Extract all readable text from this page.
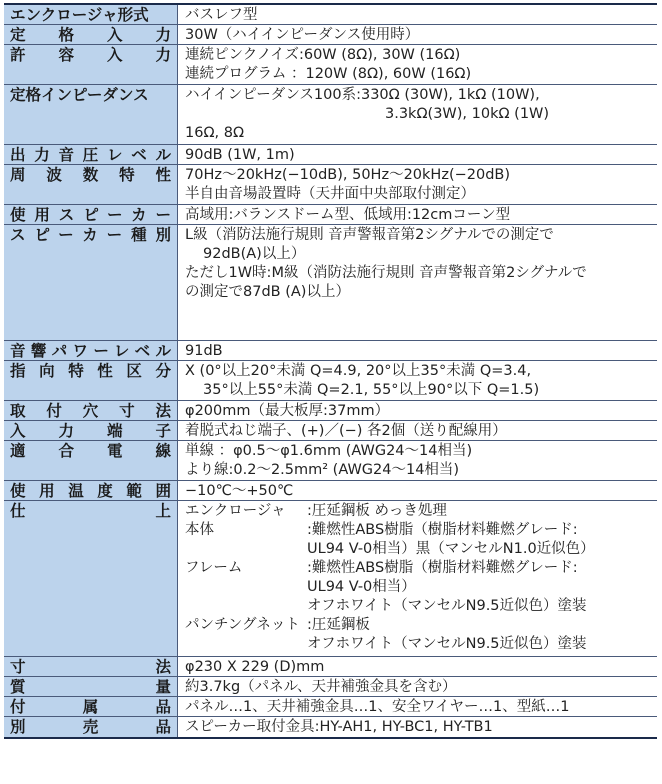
エンクロージャ形式	バスレフ型
定格入力 30W（ハイインピーダンス使用時）
許容入力 連続ピンクノイズ:60W (8Ω), 30W (16Ω)
連続プログラム ：120W (8Ω), 60W (16Ω)
定格インピーダンス	ハイインピーダンス100系:330Ω (30W), 1kΩ (10W),
3.3kΩ(3W), 10kΩ (1W)
16Ω, 8Ω
出力音圧レベル 90dB (1W, 1m)
周波数特性 70Hz～20kHz(−10dB), 50Hz～20kHz(−20dB)
半自由音場設置時（天井面中央部取付測定）
使用スピーカー 高域用:バランスドーム型、低域用:12cmコーン型
スピーカー種別 L級（消防法施行規則 音声警報音第2シグナルでの測定で
92dB(A)以上）
ただし1W時:M級（消防法施行規則 音声警報音第2シグナルで
の測定で87dB (A)以上）
音響パワーレベル 91dB
指向特性区分 X (0°以上20°未満 Q=4.9, 20°以上35°未満 Q=3.4,
35°以上55°未満 Q=2.1, 55°以上90°以下 Q=1.5)
取付穴寸法 φ200mm（最大板厚:37mm）
入力端子 着脱式ねじ端子、(+)／(−) 各2個（送り配線用）
適合電線 単線 ：φ0.5～φ1.6mm (AWG24～14相当)
より線:0.2～2.5mm² (AWG24～14相当)
使用温度範囲 −10℃～+50℃
仕上 エンクロージャ	:圧延鋼板 めっき処理
本体	:難燃性ABS樹脂（樹脂材料難燃グレード:
UL94 V-0相当）黒（マンセルN1.0近似色）
フレーム	:難燃性ABS樹脂（樹脂材料難燃グレード:
UL94 V-0相当）
オフホワイト（マンセルN9.5近似色）塗装
パンチングネット :圧延鋼板
オフホワイト（マンセルN9.5近似色）塗装
寸法 φ230 X 229 (D)mm
質量 約3.7kg（パネル、天井補強金具を含む）
付属品 パネル…1、天井補強金具…1、安全ワイヤー…1、型紙…1
別売品 スピーカー取付金具:HY-AH1, HY-BC1, HY-TB1
